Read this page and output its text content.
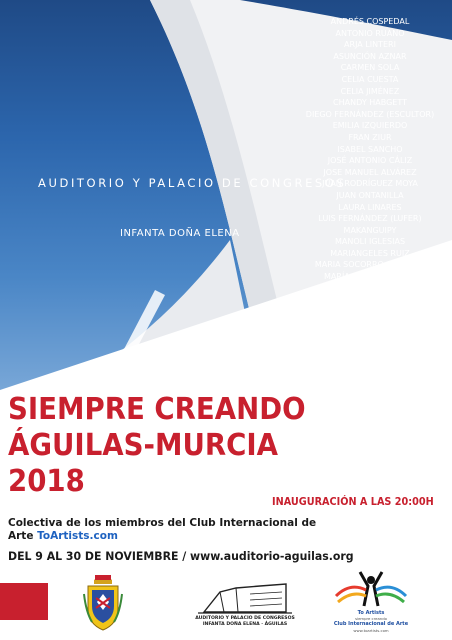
AUDITORIO Y PALACIO DE CONGRESOS
INFANTA DOÑA ELENA
ANDRÉS COSPEDAL
ANTONIO RUANO
ARJA LINTERI
ASUNCIÓN AZNAR
CARMEN SOLA
CELIA CUESTA
CELIA JIMÉNEZ
CHANDY HABGETT
DIEGO FERNÁNDEZ (ESCULTOR)
EMILIA IZQUIERDO
FRAN ZIUR
ISABEL SANCHO
JOSÉ ANTONIO CÁLIZ
JOSE MANUEL ALVÁREZ
JUAN RODRÍGUEZ MOYA
JUAN ONTANILLA
LAURA LINARES
LUIS FERNÁNDEZ (LUFER)
MAKANGUIPY
MANOLI IGLESIAS
MARIANGELES RUIZ
MARIA SOCORRO SÁNCHEZ
MARÍA TERESA IBÁÑEZ
MAYTE ARMENDARIZ
MEGÓN
MÓNICA LÓPEZ (ESCULTORA)
PALOMA SALDAÑA
RAMÓN MOYA
SILVIA TORRES
TEODOMIRO
TOÑY SÁNCHEZ
VICTOR POLO
SIEMPRE CREANDO
ÁGUILAS-MURCIA
2018
INAUGURACIÓN A LAS 20:00H
Colectiva de los miembros del Club Internacional de Arte ToArtists.com
DEL 9 AL 30 DE NOVIEMBRE / www.auditorio-aguilas.org
AUDITORIO Y PALACIO DE CONGRESOS
INFANTA DOÑA ELENA · ÁGUILAS
To Artists
siempre creando
Club Internacional de Arte
www.toartists.com
